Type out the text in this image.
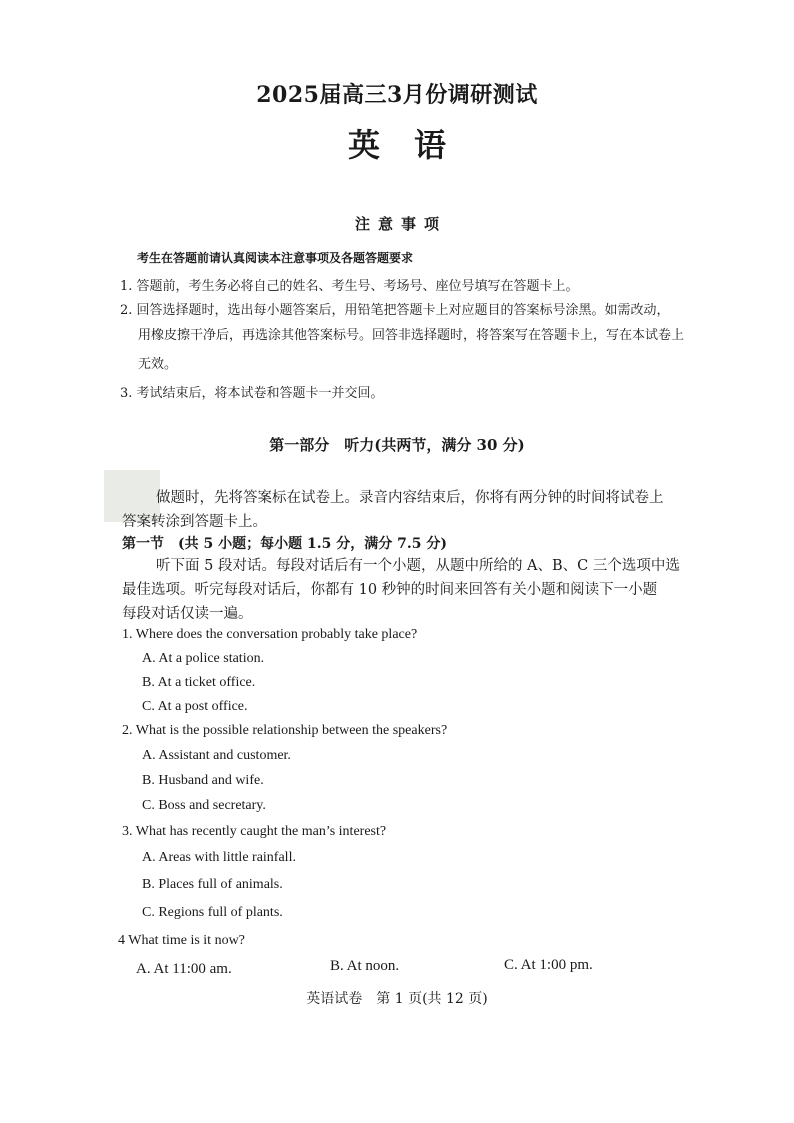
2025届高三3月份调研测试
英语
注意事项
考生在答题前请认真阅读本注意事项及各题答题要求
1. 答题前，考生务必将自己的姓名、考生号、考场号、座位号填写在答题卡上。
2. 回答选择题时，选出每小题答案后，用铅笔把答题卡上对应题目的答案标号涂黑。如需改动，
用橡皮擦干净后，再选涂其他答案标号。回答非选择题时，将答案写在答题卡上，写在本试卷上
无效。
3. 考试结束后，将本试卷和答题卡一并交回。
第一部分　听力(共两节，满分 30 分)
做题时，先将答案标在试卷上。录音内容结束后，你将有两分钟的时间将试卷上
答案转涂到答题卡上。
第一节　(共 5 小题；每小题 1.5 分，满分 7.5 分)
听下面 5 段对话。每段对话后有一个小题，从题中所给的 A、B、C 三个选项中选
最佳选项。听完每段对话后，你都有 10 秒钟的时间来回答有关小题和阅读下一小题
每段对话仅读一遍。
1. Where does the conversation probably take place?
A. At a police station.
B. At a ticket office.
C. At a post office.
2. What is the possible relationship between the speakers?
A. Assistant and customer.
B. Husband and wife.
C. Boss and secretary.
3. What has recently caught the man’s interest?
A. Areas with little rainfall.
B. Places full of animals.
C. Regions full of plants.
4 What time is it now?
A. At 11:00 am.	B. At noon.	C. At 1:00 pm.
英语试卷　第 1 页(共 12 页)
